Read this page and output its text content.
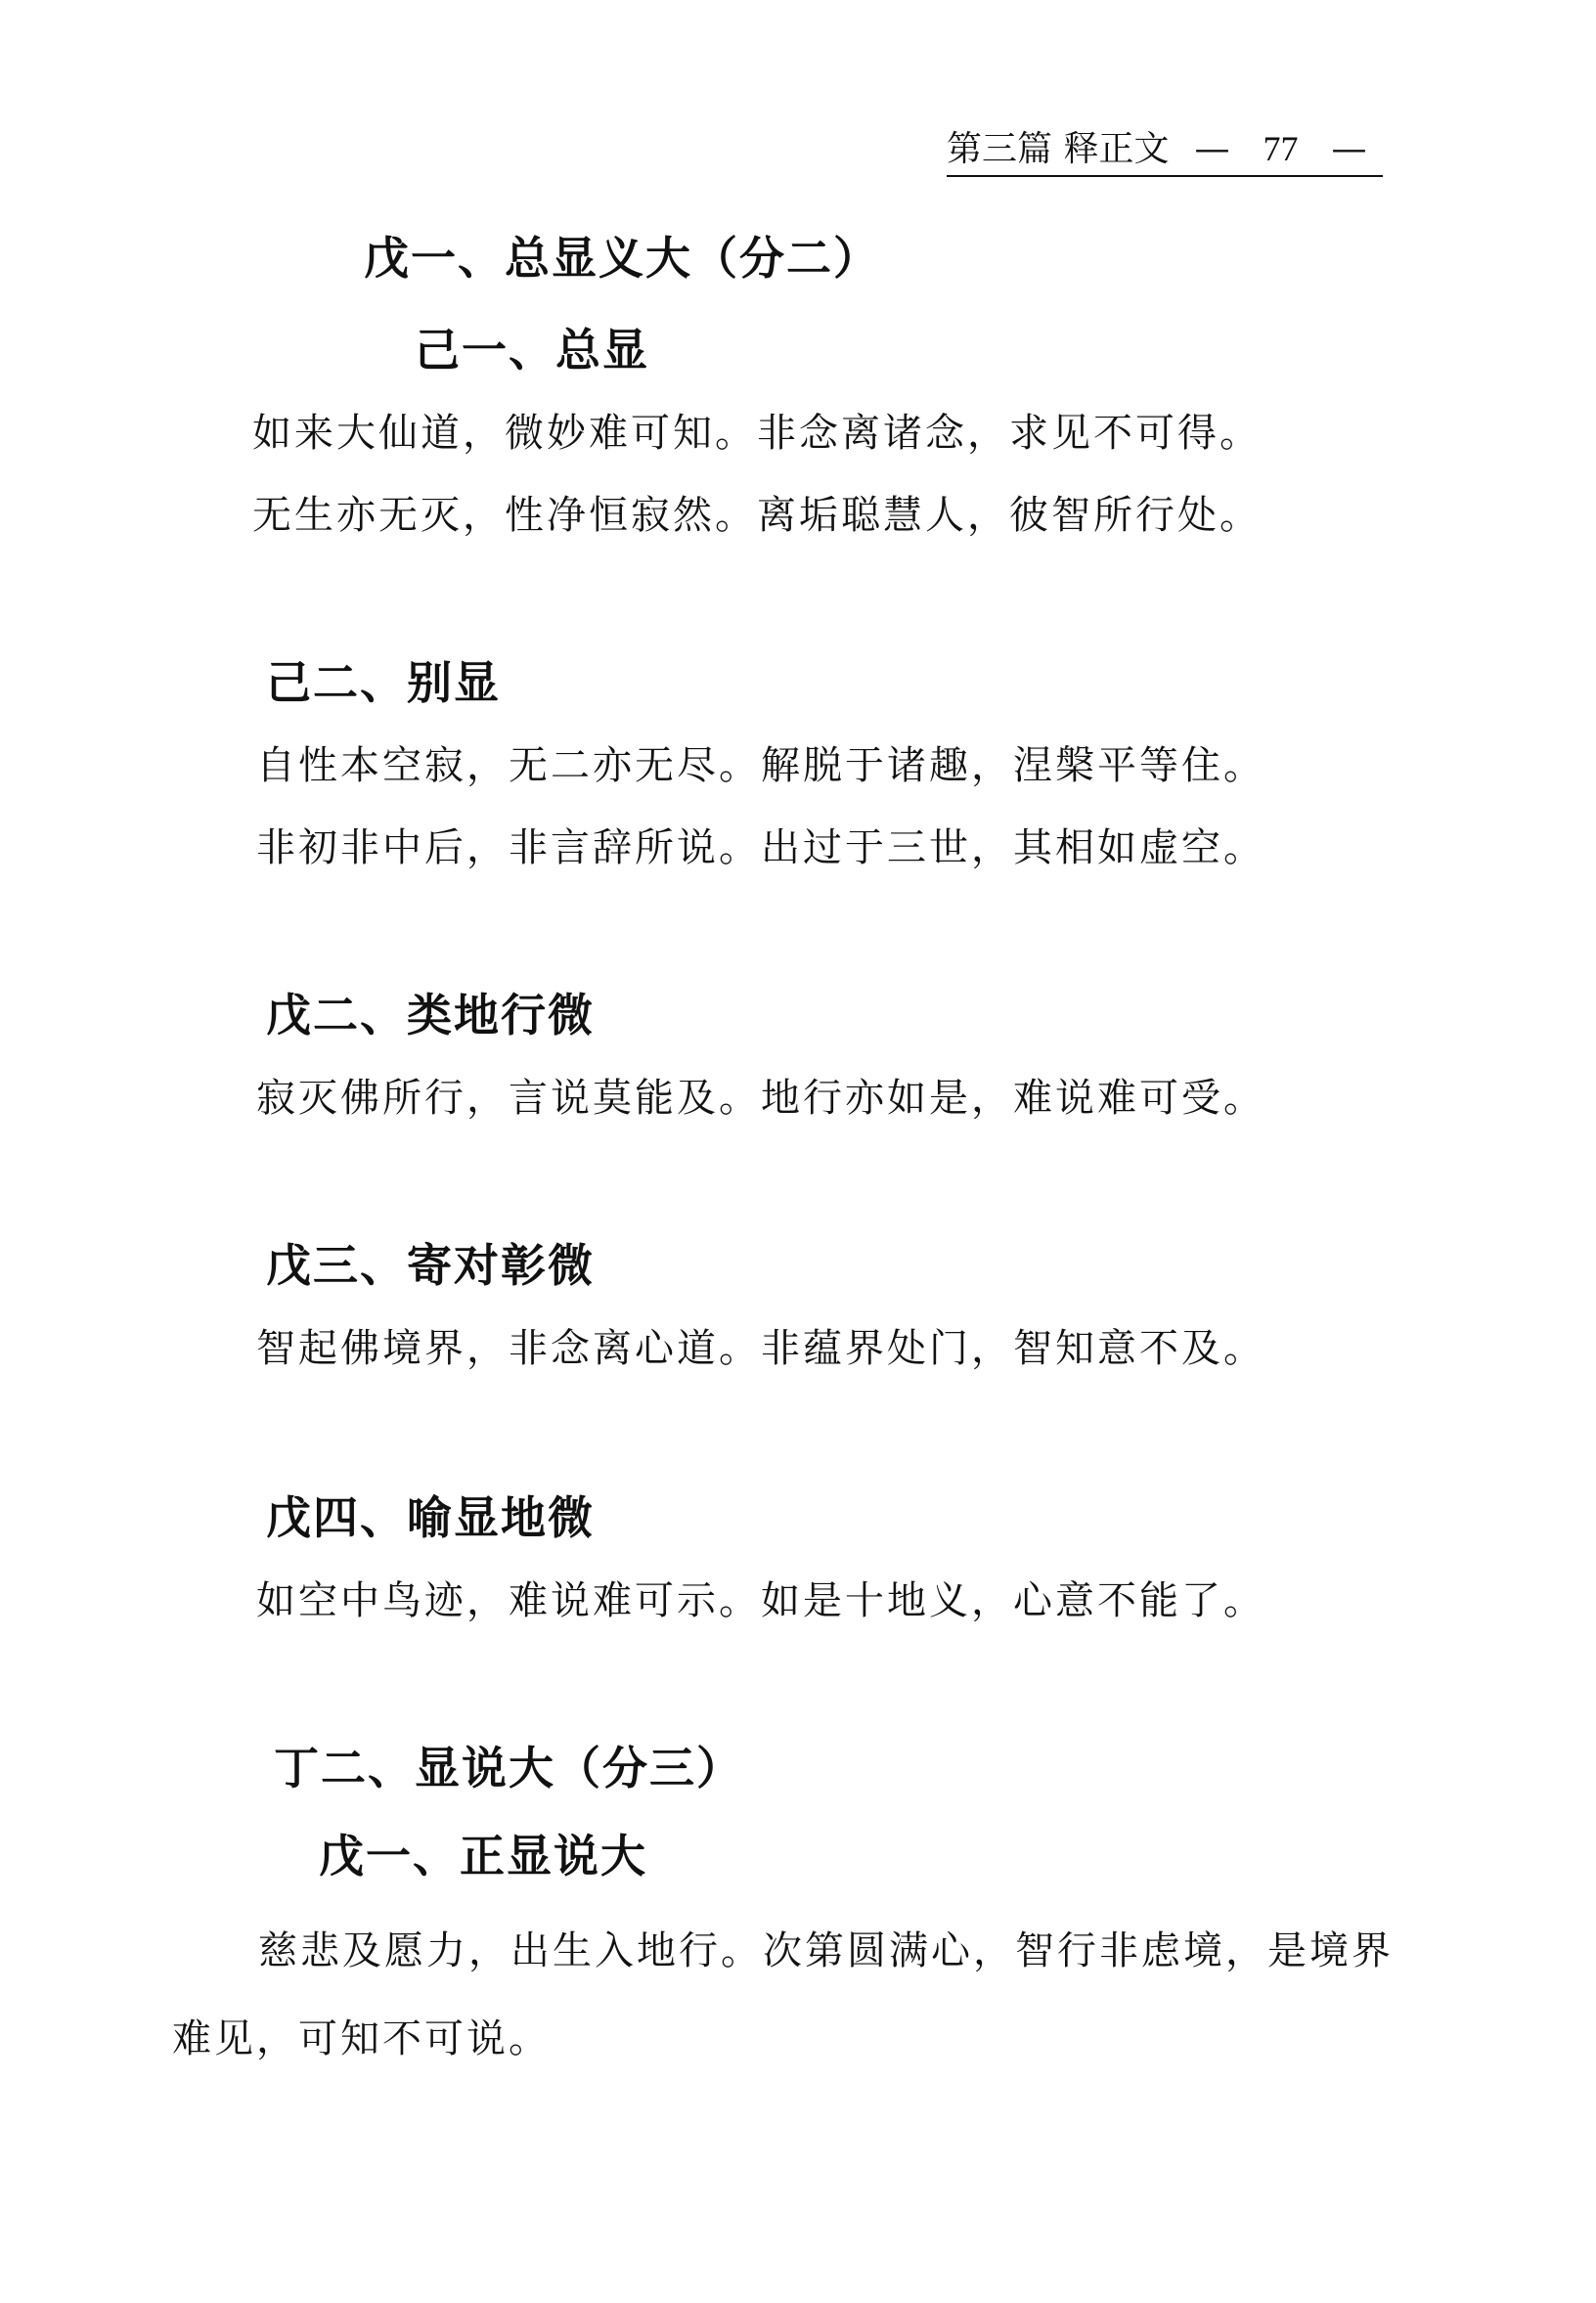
第三篇 释正文 — 77 —
戊一、总显义大（分二）
己一、总显
如来大仙道，微妙难可知。非念离诸念，求见不可得。
无生亦无灭，性净恒寂然。离垢聪慧人，彼智所行处。
己二、别显
自性本空寂，无二亦无尽。解脱于诸趣，涅槃平等住。
非初非中后，非言辞所说。出过于三世，其相如虚空。
戊二、类地行微
寂灭佛所行，言说莫能及。地行亦如是，难说难可受。
戊三、寄对彰微
智起佛境界，非念离心道。非蕴界处门，智知意不及。
戊四、喻显地微
如空中鸟迹，难说难可示。如是十地义，心意不能了。
丁二、显说大（分三）
戊一、正显说大
慈悲及愿力，出生入地行。次第圆满心，智行非虑境，是境界难见，可知不可说。
